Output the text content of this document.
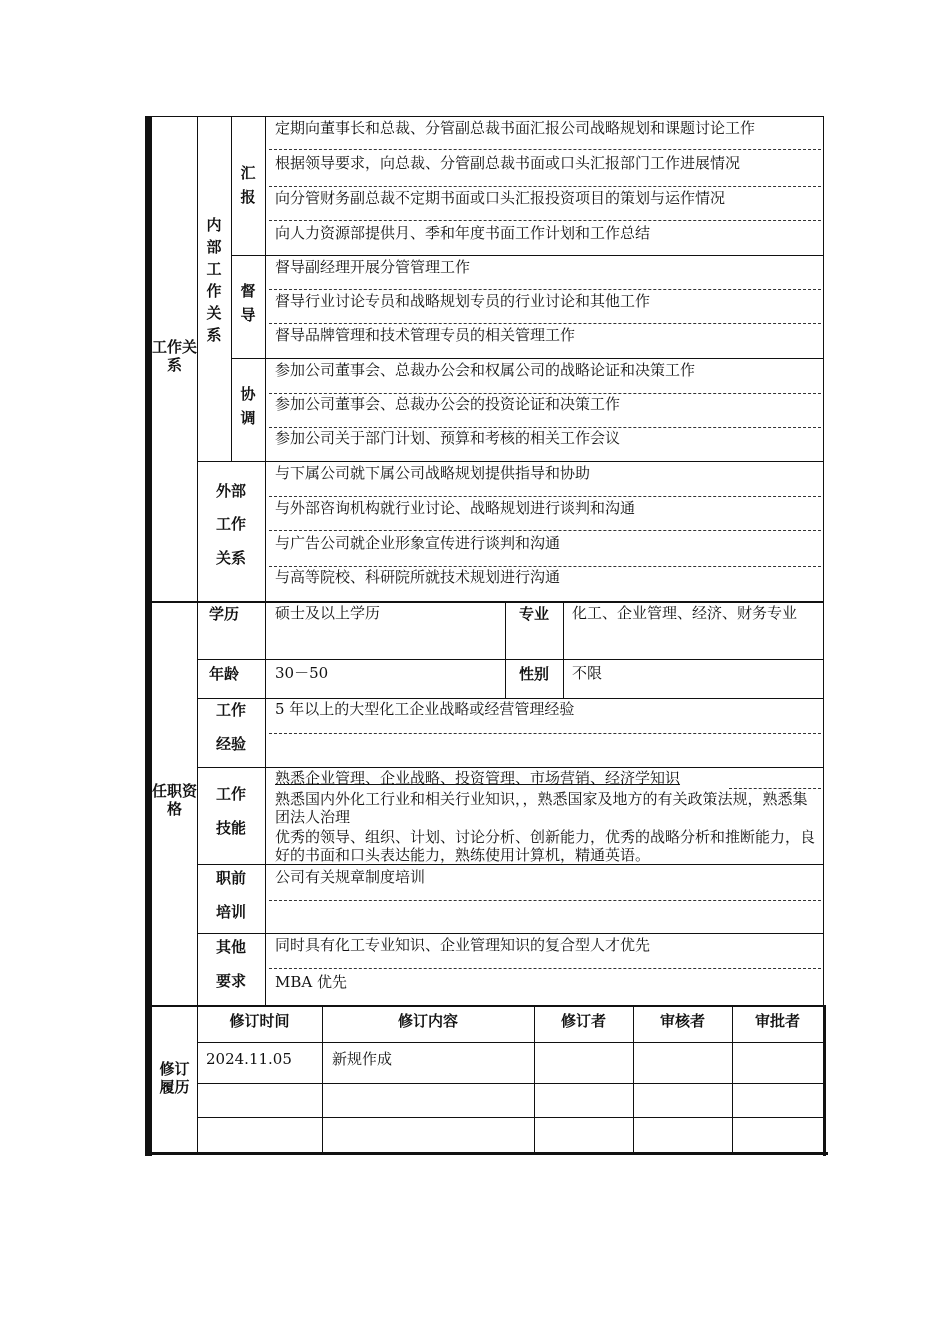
工作关系
内部工作关系
汇报
定期向董事长和总裁、分管副总裁书面汇报公司战略规划和课题讨论工作
根据领导要求，向总裁、分管副总裁书面或口头汇报部门工作进展情况
向分管财务副总裁不定期书面或口头汇报投资项目的策划与运作情况
向人力资源部提供月、季和年度书面工作计划和工作总结
督导
督导副经理开展分管管理工作
督导行业讨论专员和战略规划专员的行业讨论和其他工作
督导品牌管理和技术管理专员的相关管理工作
协调
参加公司董事会、总裁办公会和权属公司的战略论证和决策工作
参加公司董事会、总裁办公会的投资论证和决策工作
参加公司关于部门计划、预算和考核的相关工作会议
外部
工作
关系
与下属公司就下属公司战略规划提供指导和协助
与外部咨询机构就行业讨论、战略规划进行谈判和沟通
与广告公司就企业形象宣传进行谈判和沟通
与高等院校、科研院所就技术规划进行沟通
任职资格
学历	硕士及以上学历	专业	化工、企业管理、经济、财务专业
年龄	30－50	性别	不限
工作
经验
5 年以上的大型化工企业战略或经营管理经验
工作
技能
熟悉企业管理、企业战略、投资管理、市场营销、经济学知识
熟悉国内外化工行业和相关行业知识，，熟悉国家及地方的有关政策法规，熟悉集团法人治理
优秀的领导、组织、计划、讨论分析、创新能力，优秀的战略分析和推断能力，良好的书面和口头表达能力，熟练使用计算机，精通英语。
职前
培训
公司有关规章制度培训
其他
要求
同时具有化工专业知识、企业管理知识的复合型人才优先
MBA 优先
修订履历
修订时间	修订内容	修订者	审核者	审批者
2024.11.05	新规作成
